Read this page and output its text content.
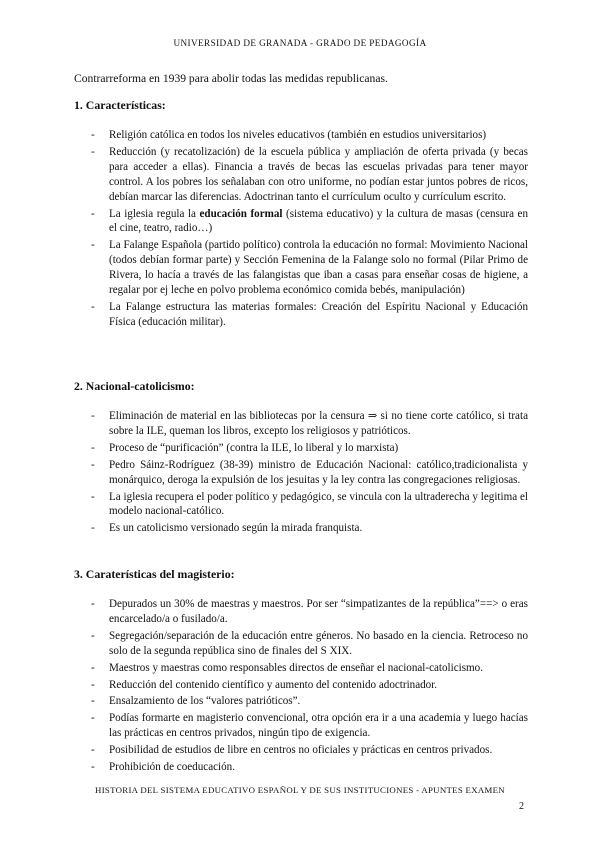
UNIVERSIDAD DE GRANADA - GRADO DE PEDAGOGÍA
Contrarreforma en 1939 para abolir todas las medidas republicanas.
1. Características:
- Religión católica en todos los niveles educativos (también en estudios universitarios)
- Reducción (y recatolización) de la escuela pública y ampliación de oferta privada (y becas para acceder a ellas). Financia a través de becas las escuelas privadas para tener mayor control. A los pobres los señalaban con otro uniforme, no podían estar juntos pobres de ricos, debían marcar las diferencias. Adoctrinan tanto el currículum oculto y currículum escrito.
- La iglesia regula la educación formal (sistema educativo) y la cultura de masas (censura en el cine, teatro, radio…)
- La Falange Española (partido político) controla la educación no formal: Movimiento Nacional (todos debían formar parte) y Sección Femenina de la Falange solo no formal (Pilar Primo de Rivera, lo hacía a través de las falangistas que iban a casas para enseñar cosas de higiene, a regalar por ej leche en polvo problema económico comida bebés, manipulación)
- La Falange estructura las materias formales: Creación del Espíritu Nacional y Educación Física (educación militar).
2. Nacional-catolicismo:
- Eliminación de material en las bibliotecas por la censura ⇒ si no tiene corte católico, si trata sobre la ILE, queman los libros, excepto los religiosos y patrióticos.
- Proceso de “purificación” (contra la ILE, lo liberal y lo marxista)
- Pedro Sáinz-Rodríguez (38-39) ministro de Educación Nacional: católico,tradicionalista y monárquico, deroga la expulsión de los jesuitas y la ley contra las congregaciones religiosas.
- La iglesia recupera el poder político y pedagógico, se vincula con la ultraderecha y legitima el modelo nacional-católico.
- Es un catolicismo versionado según la mirada franquista.
3. Caraterísticas del magisterio:
- Depurados un 30% de maestras y maestros. Por ser “simpatizantes de la república”==> o eras encarcelado/a o fusilado/a.
- Segregación/separación de la educación entre géneros. No basado en la ciencia. Retroceso no solo de la segunda república sino de finales del S XIX.
- Maestros y maestras como responsables directos de enseñar el nacional-catolicismo.
- Reducción del contenido científico y aumento del contenido adoctrinador.
- Ensalzamiento de los “valores patrióticos”.
- Podías formarte en magisterio convencional, otra opción era ir a una academia y luego hacías las prácticas en centros privados, ningún tipo de exigencia.
- Posibilidad de estudios de libre en centros no oficiales y prácticas en centros privados.
- Prohibición de coeducación.
HISTORIA DEL SISTEMA EDUCATIVO ESPAÑOL Y DE SUS INSTITUCIONES - APUNTES EXAMEN
2
